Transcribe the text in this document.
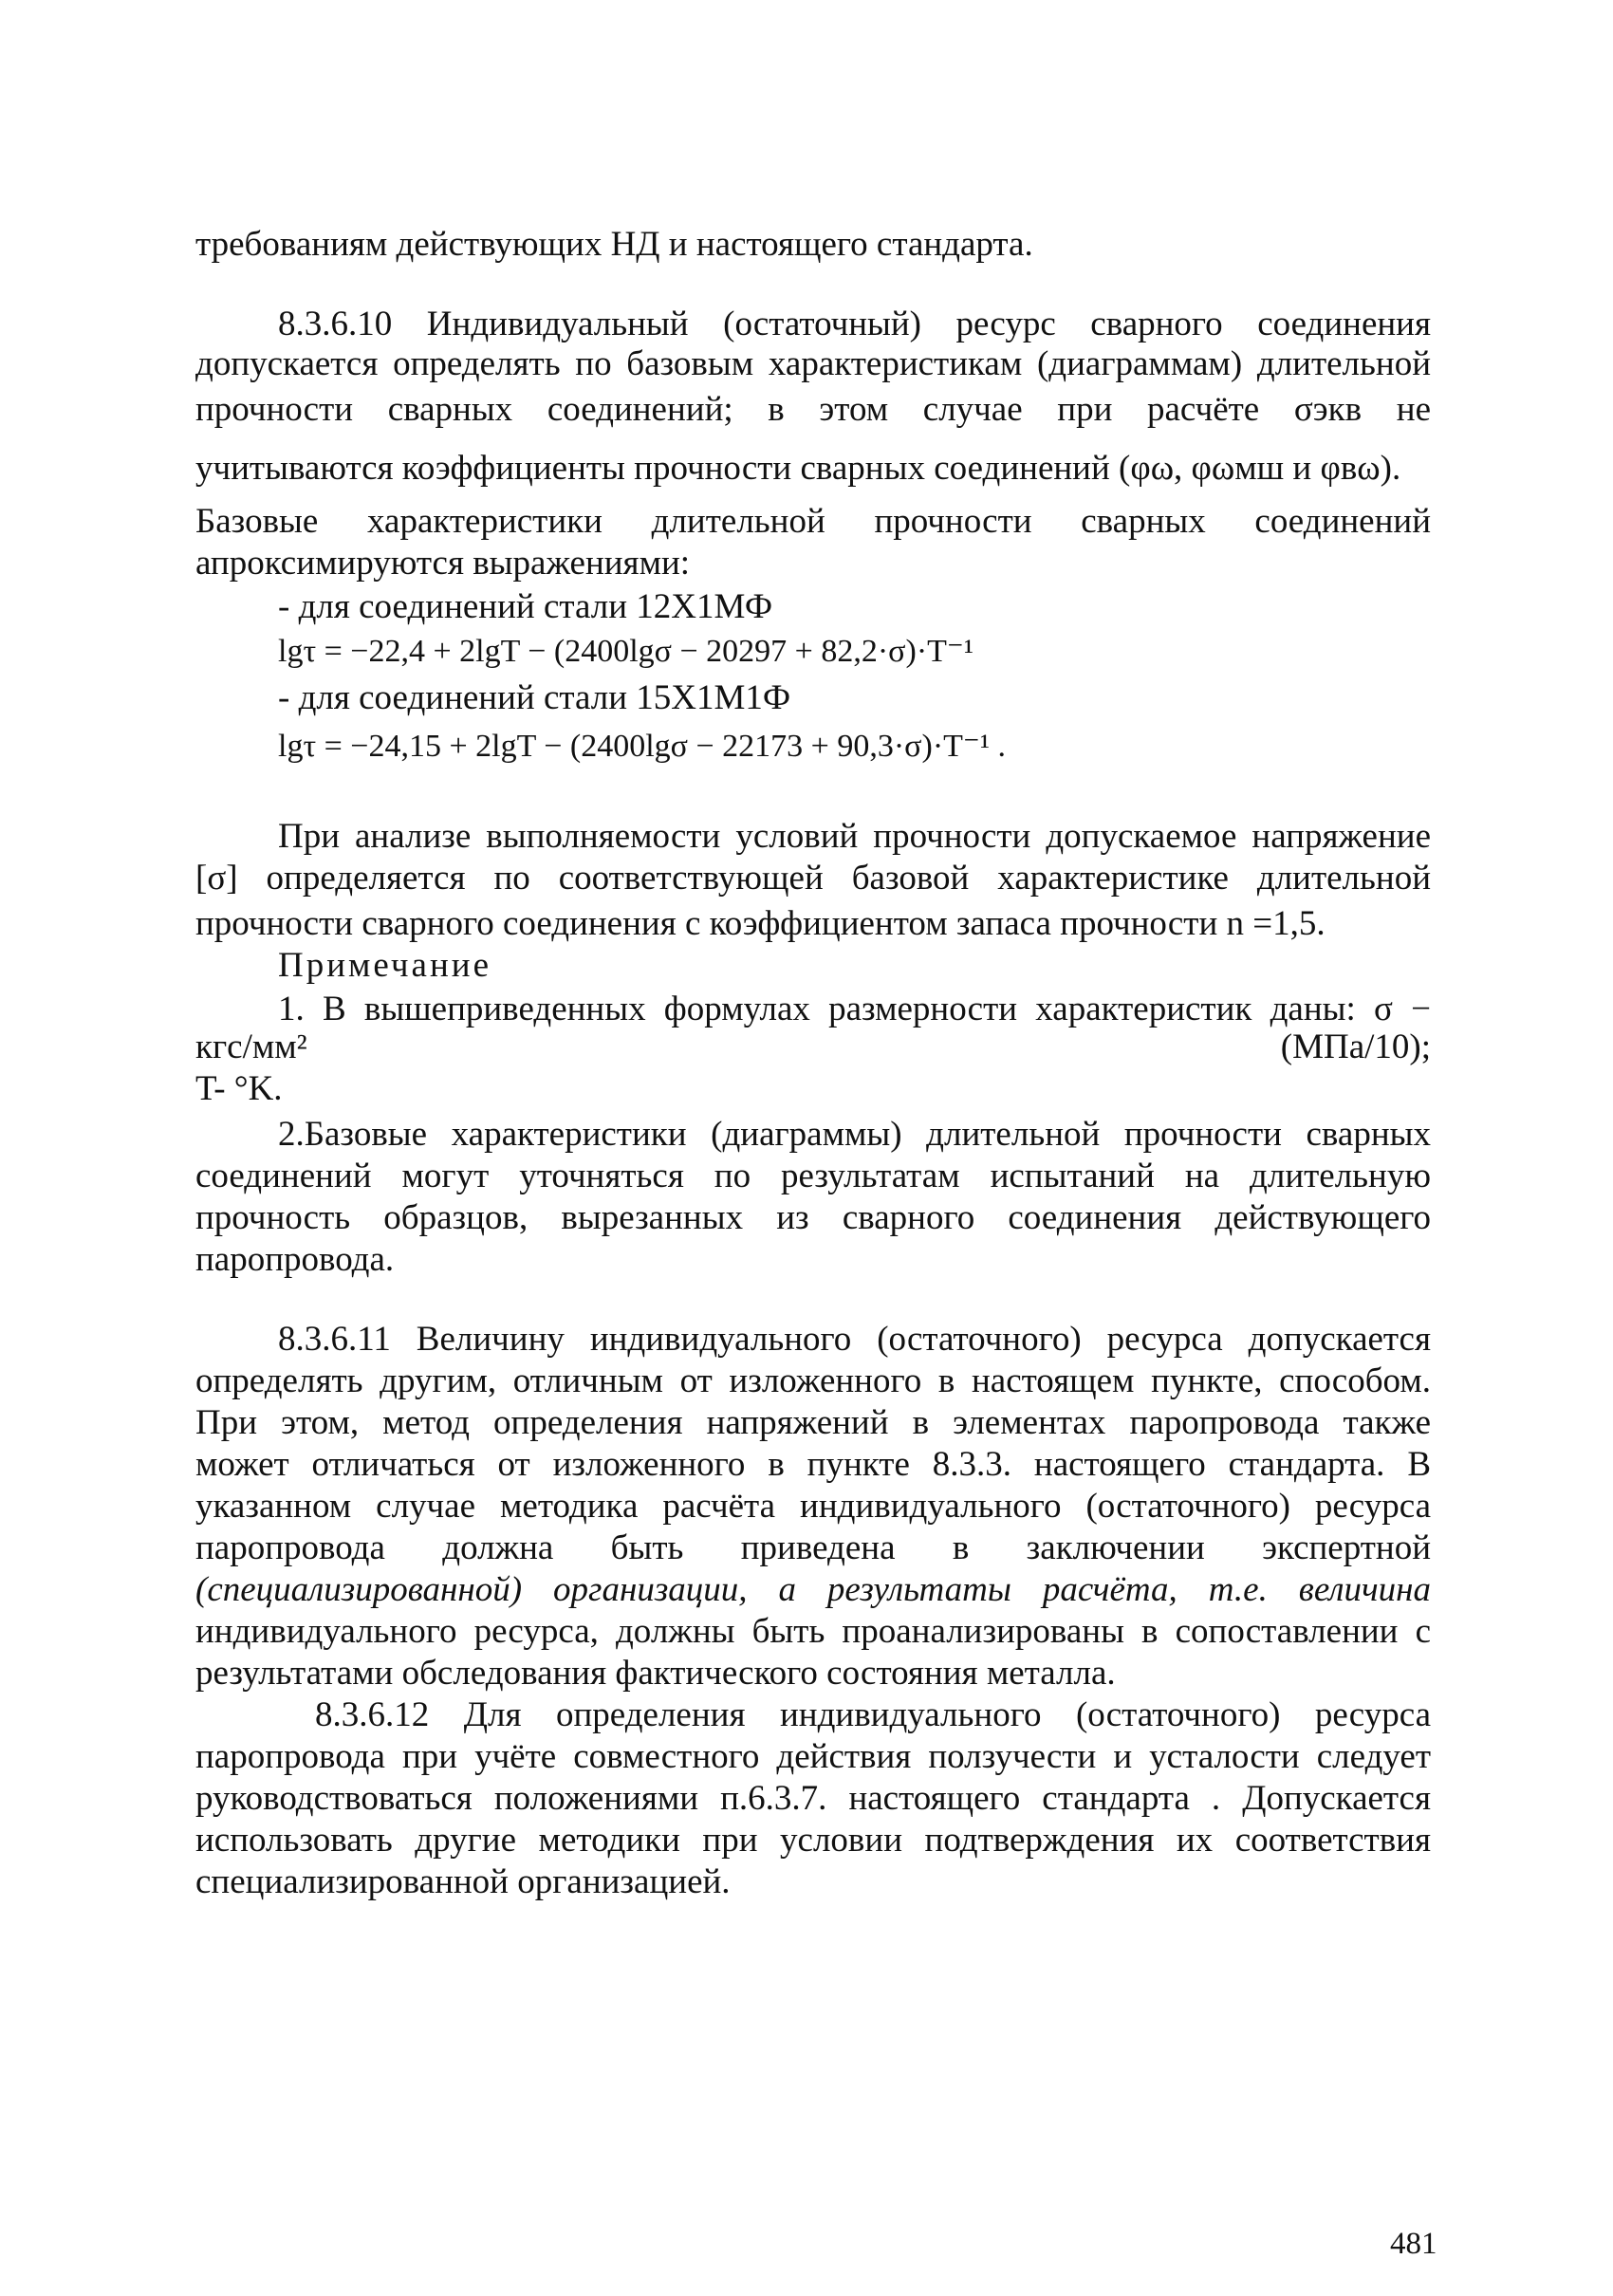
требованиям действующих НД и настоящего стандарта.
8.3.6.10 Индивидуальный (остаточный) ресурс сварного соединения
допускается определять по базовым характеристикам (диаграммам) длительной
прочности сварных соединений; в этом случае при расчёте σэкв не
учитываются коэффициенты прочности сварных соединений (φω, φωмш и φвω).
Базовые характеристики длительной прочности сварных соединений
апроксимируются выражениями:
- для соединений стали 12Х1МФ
lgτ = −22,4 + 2lgT − (2400lgσ − 20297 + 82,2·σ)·T⁻¹
- для соединений стали 15Х1М1Ф
lgτ = −24,15 + 2lgT − (2400lgσ − 22173 + 90,3·σ)·T⁻¹ .
При анализе выполняемости условий прочности допускаемое напряжение
[σ] определяется по соответствующей базовой характеристике длительной
прочности сварного соединения с коэффициентом запаса прочности n =1,5.
Примечание
1. В вышеприведенных формулах размерности характеристик даны: σ −
кгс/мм²	(МПа/10);
T- °K.
2.Базовые характеристики (диаграммы) длительной прочности сварных
соединений могут уточняться по результатам испытаний на длительную
прочность образцов, вырезанных из сварного соединения действующего
паропровода.
8.3.6.11 Величину индивидуального (остаточного) ресурса допускается
определять другим, отличным от изложенного в настоящем пункте, способом.
При этом, метод определения напряжений в элементах паропровода также
может отличаться от изложенного в пункте 8.3.3. настоящего стандарта. В
указанном случае методика расчёта индивидуального (остаточного) ресурса
паропровода должна быть приведена в заключении экспертной
(специализированной) организации, а результаты расчёта, т.е. величина
индивидуального ресурса, должны быть проанализированы в сопоставлении с
результатами обследования фактического состояния металла.
8.3.6.12 Для определения индивидуального (остаточного) ресурса
паропровода при учёте совместного действия ползучести и усталости следует
руководствоваться положениями п.6.3.7. настоящего стандарта . Допускается
использовать другие методики при условии подтверждения их соответствия
специализированной организацией.
481
